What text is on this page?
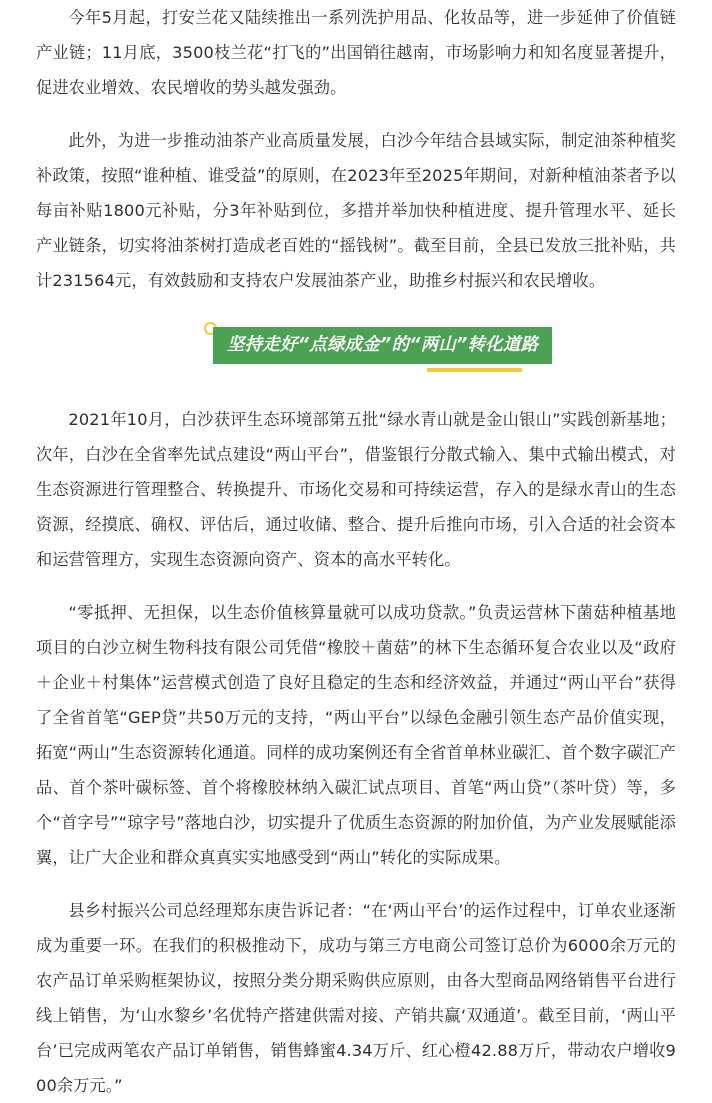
今年5月起，打安兰花又陆续推出一系列洗护用品、化妆品等，进一步延伸了价值链产业链；11月底，3500枝兰花“打飞的”出国销往越南，市场影响力和知名度显著提升，促进农业增效、农民增收的势头越发强劲。

此外，为进一步推动油茶产业高质量发展，白沙今年结合县域实际，制定油茶种植奖补政策，按照“谁种植、谁受益”的原则，在2023年至2025年期间，对新种植油茶者予以每亩补贴1800元补贴，分3年补贴到位，多措并举加快种植进度、提升管理水平、延长产业链条，切实将油茶树打造成老百姓的“摇钱树”。截至目前，全县已发放三批补贴，共计231564元，有效鼓励和支持农户发展油茶产业，助推乡村振兴和农民增收。

坚持走好“点绿成金”的“两山”转化道路

2021年10月，白沙获评生态环境部第五批“绿水青山就是金山银山”实践创新基地；次年，白沙在全省率先试点建设“两山平台”，借鉴银行分散式输入、集中式输出模式，对生态资源进行管理整合、转换提升、市场化交易和可持续运营，存入的是绿水青山的生态资源，经摸底、确权、评估后，通过收储、整合、提升后推向市场，引入合适的社会资本和运营管理方，实现生态资源向资产、资本的高水平转化。

“零抵押、无担保，以生态价值核算量就可以成功贷款。”负责运营林下菌菇种植基地项目的白沙立树生物科技有限公司凭借“橡胶＋菌菇”的林下生态循环复合农业以及“政府＋企业＋村集体”运营模式创造了良好且稳定的生态和经济效益，并通过“两山平台”获得了全省首笔“GEP贷”共50万元的支持，“两山平台”以绿色金融引领生态产品价值实现，拓宽“两山”生态资源转化通道。同样的成功案例还有全省首单林业碳汇、首个数字碳汇产品、首个茶叶碳标签、首个将橡胶林纳入碳汇试点项目、首笔“两山贷”（茶叶贷）等，多个“首字号”“琼字号”落地白沙，切实提升了优质生态资源的附加价值，为产业发展赋能添翼，让广大企业和群众真真实实地感受到“两山”转化的实际成果。

县乡村振兴公司总经理郑东庚告诉记者：“在‘两山平台’的运作过程中，订单农业逐渐成为重要一环。在我们的积极推动下，成功与第三方电商公司签订总价为6000余万元的农产品订单采购框架协议，按照分类分期采购供应原则，由各大型商品网络销售平台进行线上销售，为‘山水黎乡’名优特产搭建供需对接、产销共赢‘双通道’。截至目前，‘两山平台’已完成两笔农产品订单销售，销售蜂蜜4.34万斤、红心橙42.88万斤，带动农户增收900余万元。”
